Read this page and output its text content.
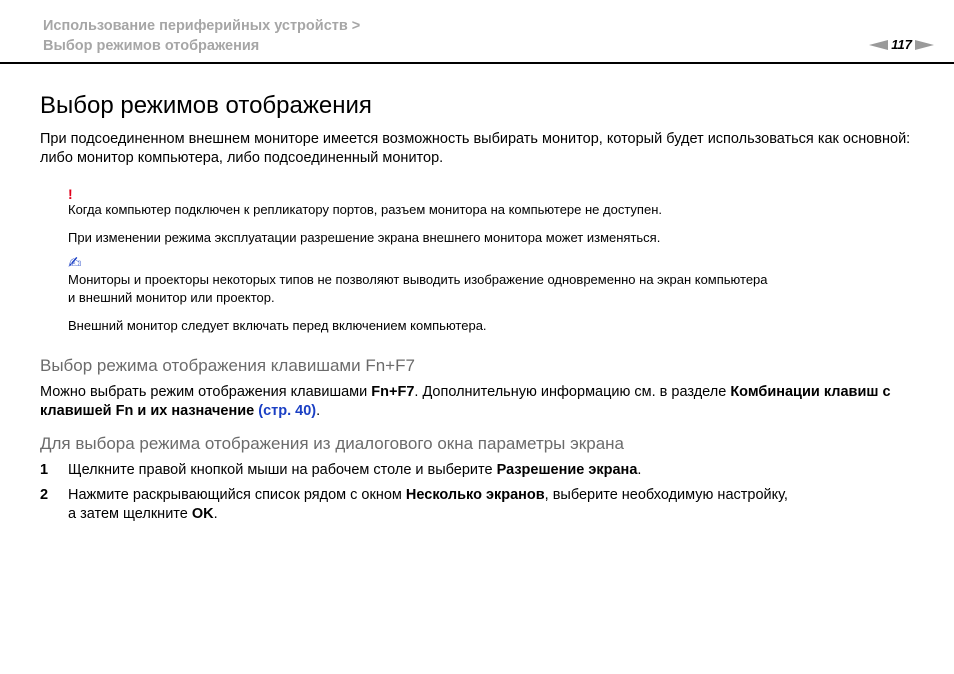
Использование периферийных устройств >
Выбор режимов отображения	117
Выбор режимов отображения

При подсоединенном внешнем мониторе имеется возможность выбирать монитор, который будет использоваться как основной: либо монитор компьютера, либо подсоединенный монитор.

!

Когда компьютер подключен к репликатору портов, разъем монитора на компьютере не доступен.

При изменении режима эксплуатации разрешение экрана внешнего монитора может изменяться.

✍

Мониторы и проекторы некоторых типов не позволяют выводить изображение одновременно на экран компьютера
и внешний монитор или проектор.

Внешний монитор следует включать перед включением компьютера.

Выбор режима отображения клавишами Fn+F7

Можно выбрать режим отображения клавишами Fn+F7. Дополнительную информацию см. в разделе Комбинации клавиш с клавишей Fn и их назначение (стр. 40).

Для выбора режима отображения из диалогового окна параметры экрана
1	Щелкните правой кнопкой мыши на рабочем столе и выберите Разрешение экрана.
2	Нажмите раскрывающийся список рядом с окном Несколько экранов, выберите необходимую настройку,
а затем щелкните OK.
